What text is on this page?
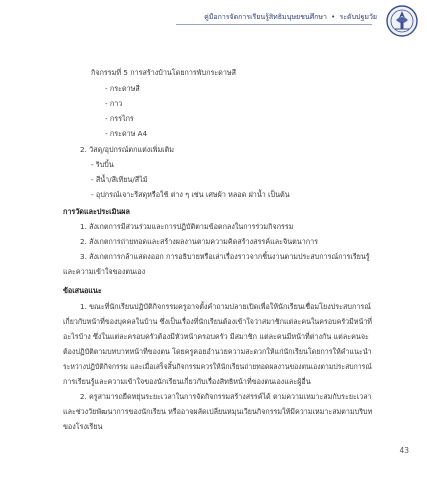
คู่มือการจัดการเรียนรู้สิทธิมนุษยชนศึกษา • ระดับปฐมวัย
กิจกรรมที่ 5 การสร้างบ้านโดยการพับกระดาษสี
- กระดาษสี
- กาว
- กรรไกร
- กระดาษ A4
2. วัสดุ/อุปกรณ์ตกแต่งเพิ่มเติม
- ริบบิ้น
- สีน้ำ/สีเทียน/สีไม้
- อุปกรณ์เจาะรีสดุหรือใช้ ต่าง ๆ เช่น เศษผ้า หลอด ฝาน้ำ เป็นต้น
การวัดและประเมินผล
1. สังเกตการมีส่วนร่วมและการปฏิบัติตามข้อตกลงในการร่วมกิจกรรม
2. สังเกตการถ่ายทอดและสร้างผลงานตามความคิดสร้างสรรค์และจินตนาการ
3. สังเกตการกล้าแสดงออก การอธิบายหรือเล่าเรื่องราวจากชิ้นงานตามประสบการณ์การเรียนรู้
และความเข้าใจของตนเอง
ข้อเสนอแนะ
1. ขณะที่นักเรียนปฏิบัติกิจกรรมครูอาจตั้งคำถามปลายเปิดเพื่อให้นักเรียนเชื่อมโยงประสบการณ์
เกี่ยวกับหน้าที่ของบุคคลในบ้าน ซึ่งเป็นเรื่องที่นักเรียนต้องเข้าใจว่าสมาชิกแต่ละคนในครอบครัวมีหน้าที่
อะไรบ้าง ซึ่งในแต่ละครอบครัวต้องมีหัวหน้าครอบครัว มีสมาชิก แต่ละคนมีหน้าที่ต่างกัน แต่ละคนจะ
ต้องปฏิบัติตามบทบาทหน้าที่ของตน โดยครูคอยอำนวยความสะดวกให้แก่นักเรียนโดยการให้คำแนะนำ
ระหว่างปฏิบัติกิจกรรม และเมื่อเสร็จสิ้นกิจกรรมควรให้นักเรียนถ่ายทอดผลงานของตนเองตามประสบการณ์
การเรียนรู้และความเข้าใจของนักเรียนเกี่ยวกับเรื่องสิทธิหน้าที่ของตนเองและผู้อื่น
2. ครูสามารถยืดหยุ่นระยะเวลาในการจัดกิจกรรมสร้างสรรค์ได้ ตามความเหมาะสมกับระยะเวลา
และช่วงวัยพัฒนาการของนักเรียน หรืออาจผลัดเปลี่ยนหมุนเวียนกิจกรรมให้มีความเหมาะสมตามบริบท
ของโรงเรียน
43
